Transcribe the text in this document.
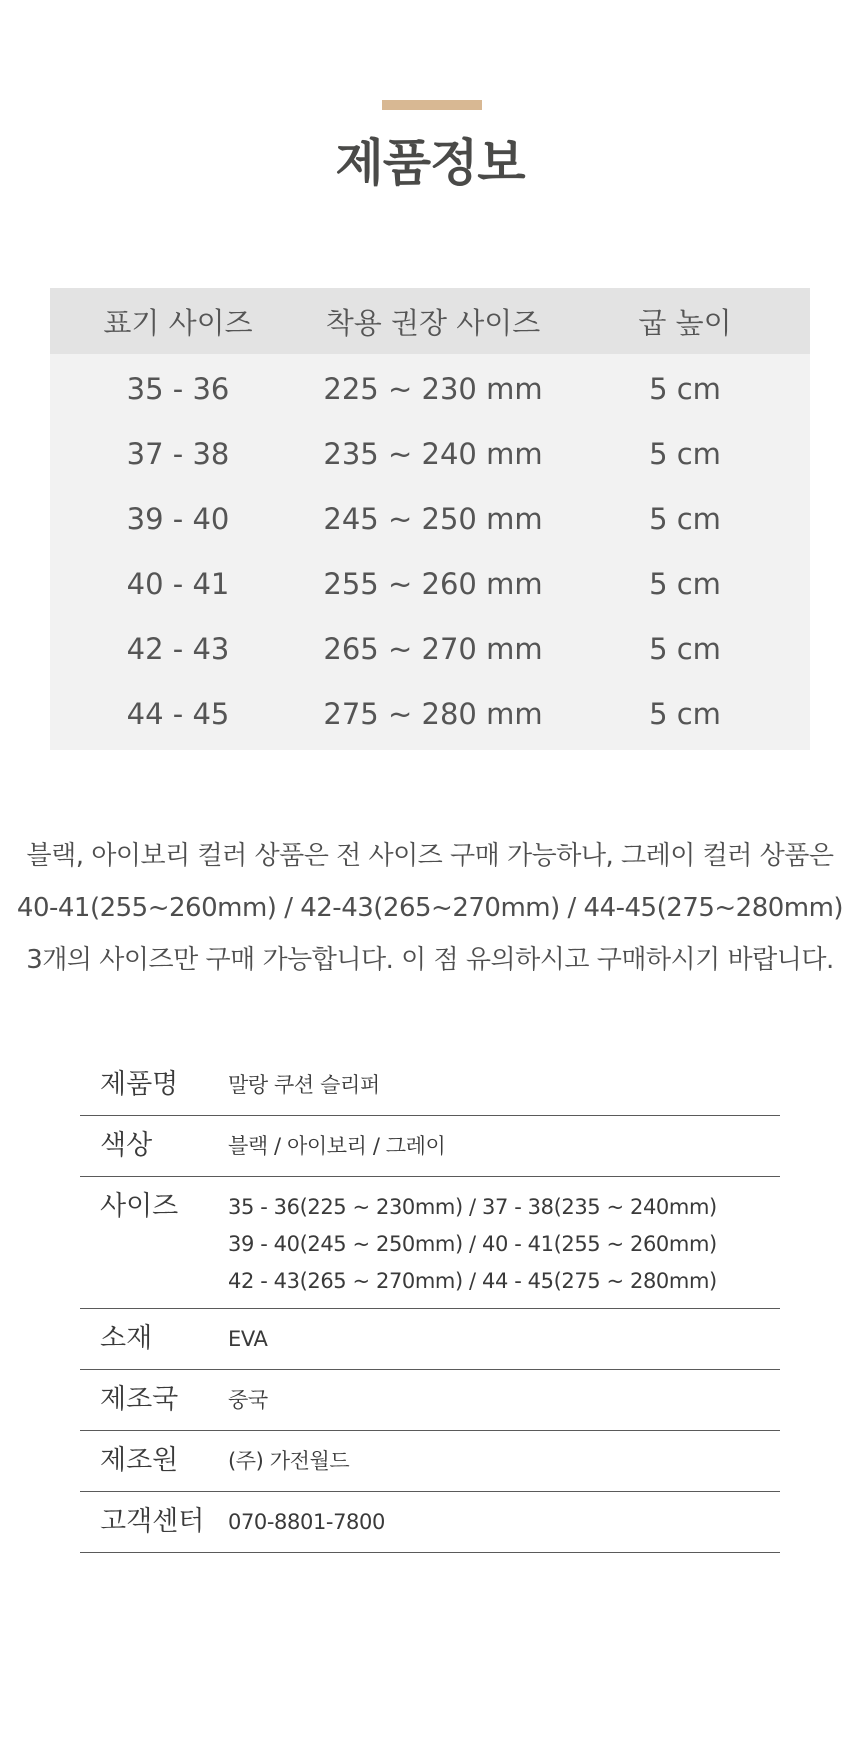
제품정보
표기 사이즈	착용 권장 사이즈	굽 높이
35 - 36	225 ~ 230 mm	5 cm
37 - 38	235 ~ 240 mm	5 cm
39 - 40	245 ~ 250 mm	5 cm
40 - 41	255 ~ 260 mm	5 cm
42 - 43	265 ~ 270 mm	5 cm
44 - 45	275 ~ 280 mm	5 cm
블랙, 아이보리 컬러 상품은 전 사이즈 구매 가능하나, 그레이 컬러 상품은
40-41(255~260mm) / 42-43(265~270mm) / 44-45(275~280mm)
3개의 사이즈만 구매 가능합니다. 이 점 유의하시고 구매하시기 바랍니다.
제품명	말랑 쿠션 슬리퍼
색상	블랙 / 아이보리 / 그레이
사이즈	35 - 36(225 ~ 230mm) / 37 - 38(235 ~ 240mm)
39 - 40(245 ~ 250mm) / 40 - 41(255 ~ 260mm)
42 - 43(265 ~ 270mm) / 44 - 45(275 ~ 280mm)

소재	EVA
제조국	중국
제조원	(주) 가전월드
고객센터	070-8801-7800
